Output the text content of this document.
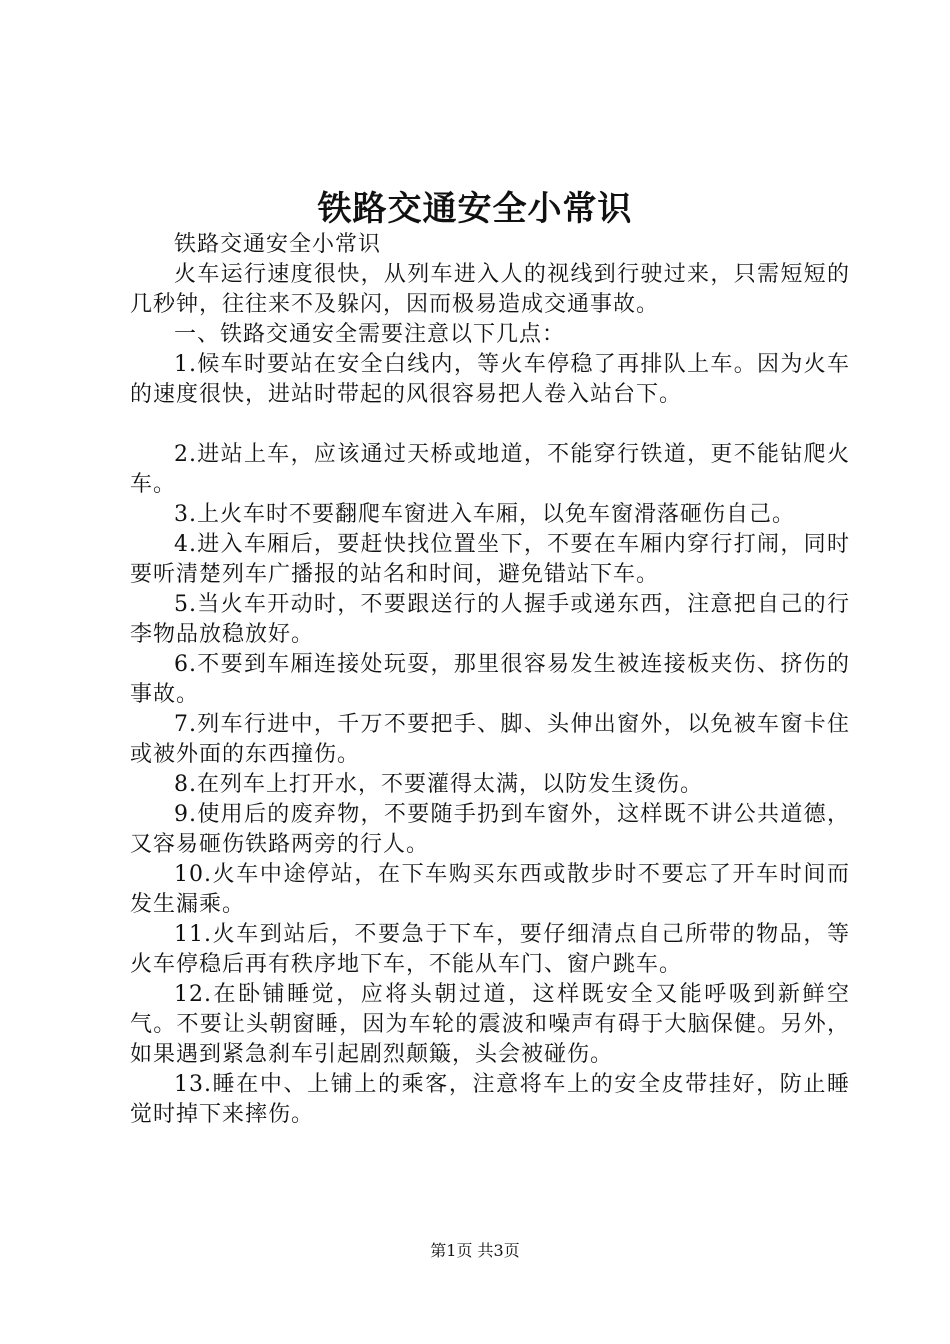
铁路交通安全小常识

铁路交通安全小常识

火车运行速度很快，从列车进入人的视线到行驶过来，只需短短的几秒钟，往往来不及躲闪，因而极易造成交通事故。

一、铁路交通安全需要注意以下几点：

1.候车时要站在安全白线内，等火车停稳了再排队上车。因为火车的速度很快，进站时带起的风很容易把人卷入站台下。

2.进站上车，应该通过天桥或地道，不能穿行铁道，更不能钻爬火车。

3.上火车时不要翻爬车窗进入车厢，以免车窗滑落砸伤自己。

4.进入车厢后，要赶快找位置坐下，不要在车厢内穿行打闹，同时要听清楚列车广播报的站名和时间，避免错站下车。

5.当火车开动时，不要跟送行的人握手或递东西，注意把自己的行李物品放稳放好。

6.不要到车厢连接处玩耍，那里很容易发生被连接板夹伤、挤伤的事故。

7.列车行进中，千万不要把手、脚、头伸出窗外，以免被车窗卡住或被外面的东西撞伤。

8.在列车上打开水，不要灌得太满，以防发生烫伤。

9.使用后的废弃物，不要随手扔到车窗外，这样既不讲公共道德，又容易砸伤铁路两旁的行人。

10.火车中途停站，在下车购买东西或散步时不要忘了开车时间而发生漏乘。

11.火车到站后，不要急于下车，要仔细清点自己所带的物品，等火车停稳后再有秩序地下车，不能从车门、窗户跳车。

12.在卧铺睡觉，应将头朝过道，这样既安全又能呼吸到新鲜空气。不要让头朝窗睡，因为车轮的震波和噪声有碍于大脑保健。另外，如果遇到紧急刹车引起剧烈颠簸，头会被碰伤。

13.睡在中、上铺上的乘客，注意将车上的安全皮带挂好，防止睡觉时掉下来摔伤。

第1页 共3页
